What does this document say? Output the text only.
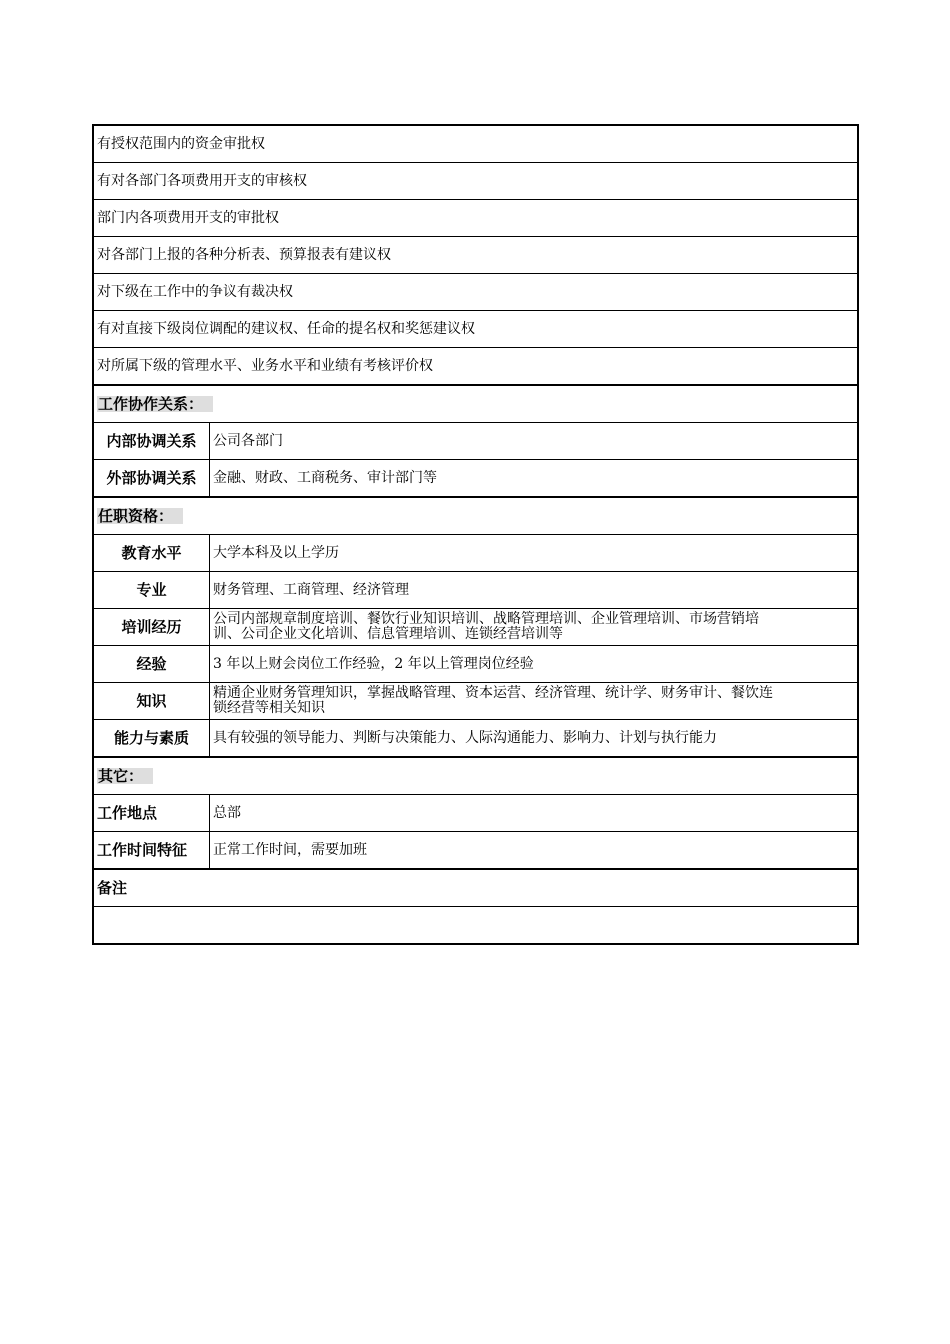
有授权范围内的资金审批权
有对各部门各项费用开支的审核权
部门内各项费用开支的审批权
对各部门上报的各种分析表、预算报表有建议权
对下级在工作中的争议有裁决权
有对直接下级岗位调配的建议权、任命的提名权和奖惩建议权
对所属下级的管理水平、业务水平和业绩有考核评价权
工作协作关系：
内部协调关系	公司各部门
外部协调关系	金融、财政、工商税务、审计部门等
任职资格：
教育水平	大学本科及以上学历
专业	财务管理、工商管理、经济管理
培训经历	公司内部规章制度培训、餐饮行业知识培训、战略管理培训、企业管理培训、市场营销培
训、公司企业文化培训、信息管理培训、连锁经营培训等
经验	3 年以上财会岗位工作经验，2 年以上管理岗位经验
知识	精通企业财务管理知识，掌握战略管理、资本运营、经济管理、统计学、财务审计、餐饮连
锁经营等相关知识
能力与素质	具有较强的领导能力、判断与决策能力、人际沟通能力、影响力、计划与执行能力
其它：
工作地点	总部
工作时间特征	正常工作时间，需要加班
备注
